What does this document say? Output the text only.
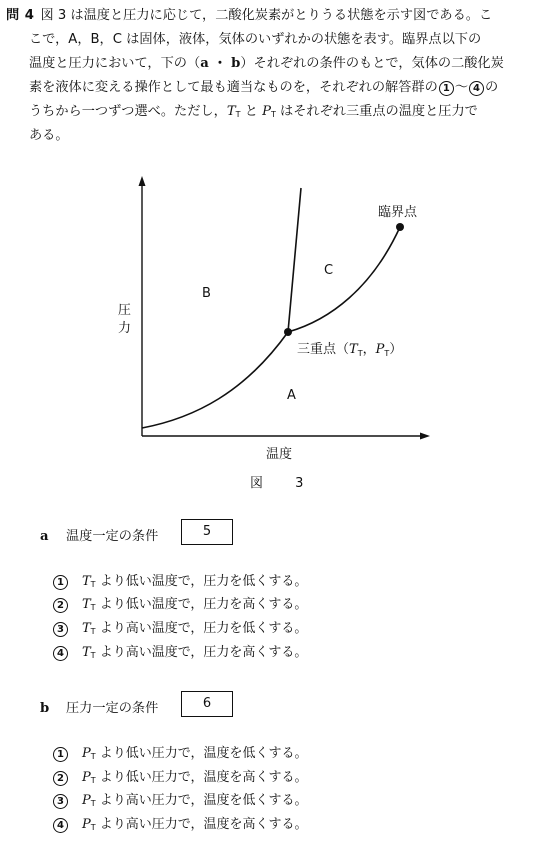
問 4 図 3 は温度と圧力に応じて，二酸化炭素がとりうる状態を示す図である。こ
こで，A，B，C は固体，液体，気体のいずれかの状態を表す。臨界点以下の
温度と圧力において，下の（a ・ b）それぞれの条件のもとで，気体の二酸化炭
素を液体に変える操作として最も適当なものを，それぞれの解答群の 1 〜 4 の
うちから一つずつ選べ。ただし，$T_T$ と $P_T$ はそれぞれ三重点の温度と圧力で
ある。
圧
力
温度
B
C
A
臨界点
三重点（$T_T$，$P_T$）
図 3
a 温度一定の条件	5
1 $T_T$ より低い温度で，圧力を低くする。
2 $T_T$ より低い温度で，圧力を高くする。
3 $T_T$ より高い温度で，圧力を低くする。
4 $T_T$ より高い温度で，圧力を高くする。
b 圧力一定の条件	6
1 $P_T$ より低い圧力で，温度を低くする。
2 $P_T$ より低い圧力で，温度を高くする。
3 $P_T$ より高い圧力で，温度を低くする。
4 $P_T$ より高い圧力で，温度を高くする。
